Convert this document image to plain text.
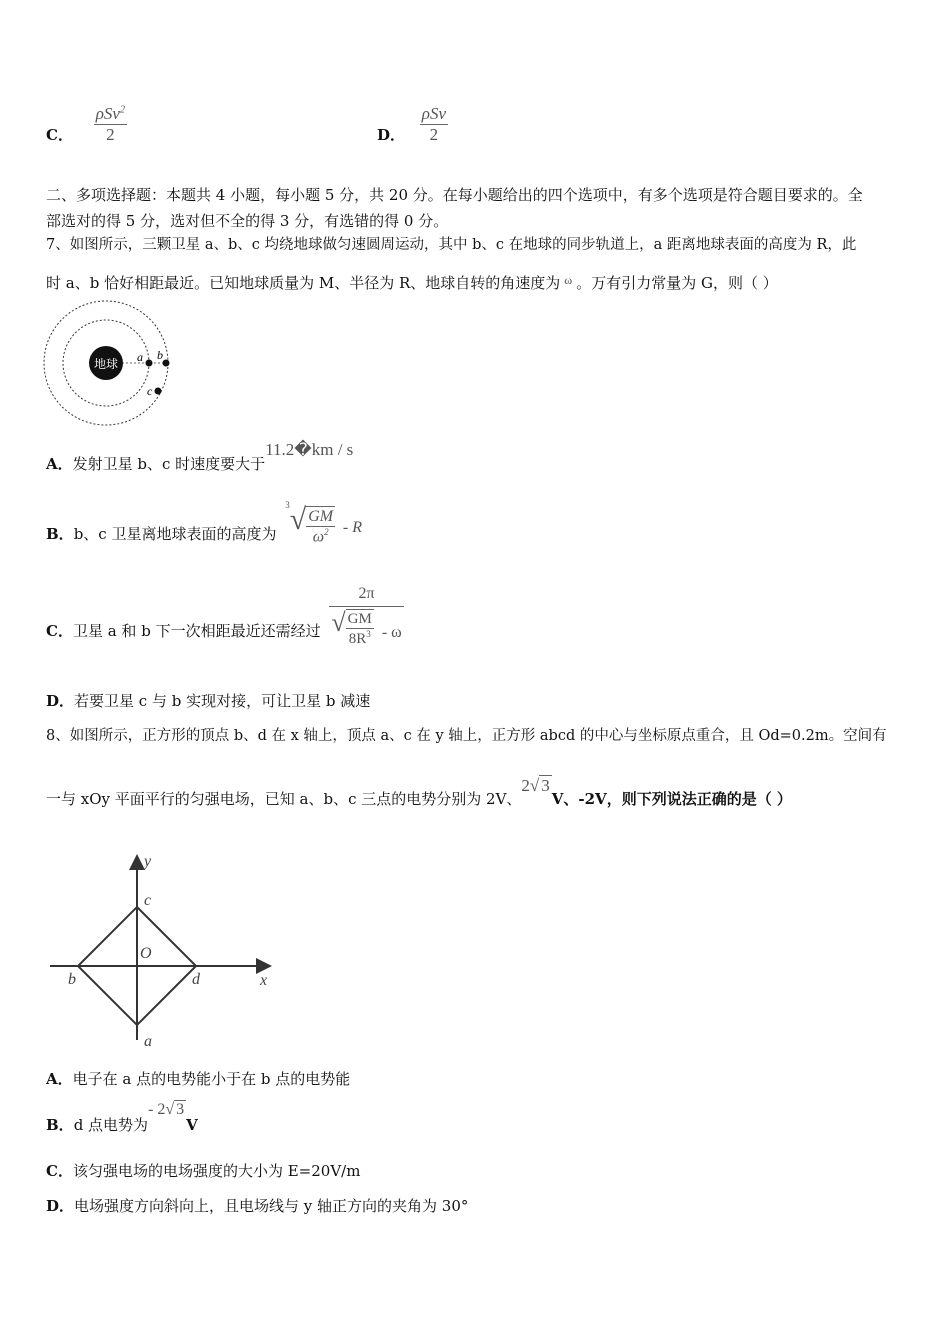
C． $\frac{\rho Sv^2}{2}$	D． $\frac{\text{ρSv}}{2}$
二、多项选择题：本题共 4 小题，每小题 5 分，共 20 分。在每小题给出的四个选项中，有多个选项是符合题目要求的。全
部选对的得 5 分，选对但不全的得 3 分，有选错的得 0 分。
7、如图所示，三颗卫星 a、b、c 均绕地球做匀速圆周运动，其中 b、c 在地球的同步轨道上，a 距离地球表面的高度为 R，此
时 a、b 恰好相距最近。已知地球质量为 M、半径为 R、地球自转的角速度为 $^\omega$ 。万有引力常量为 G，则（ ）
地球 a b
c
A．发射卫星 b、c 时速度要大于11.2�km / s
B．b、c 卫星离地球表面的高度为 $^3√ \frac{GM}{\omega^2}$ - R
C．卫星 a 和 b 下一次相距最近还需经过 $\frac{2\pi}{√ \frac{GM}{8R^3} - \omega}$
D．若要卫星 c 与 b 实现对接，可让卫星 b 减速
8、如图所示，正方形的顶点 b、d 在 x 轴上，顶点 a、c 在 y 轴上，正方形 abcd 的中心与坐标原点重合，且 Od=0.2m。空间有
一与 xOy 平面平行的匀强电场，已知 a、b、c 三点的电势分别为 2V、2√ 3V、-2V，则下列说法正确的是（ ）
y
x
c
O
b	d
a
A．电子在 a 点的电势能小于在 b 点的电势能
B．d 点电势为- 2√ 3V
C．该匀强电场的电场强度的大小为 E=20V/m
D．电场强度方向斜向上，且电场线与 y 轴正方向的夹角为 30°
